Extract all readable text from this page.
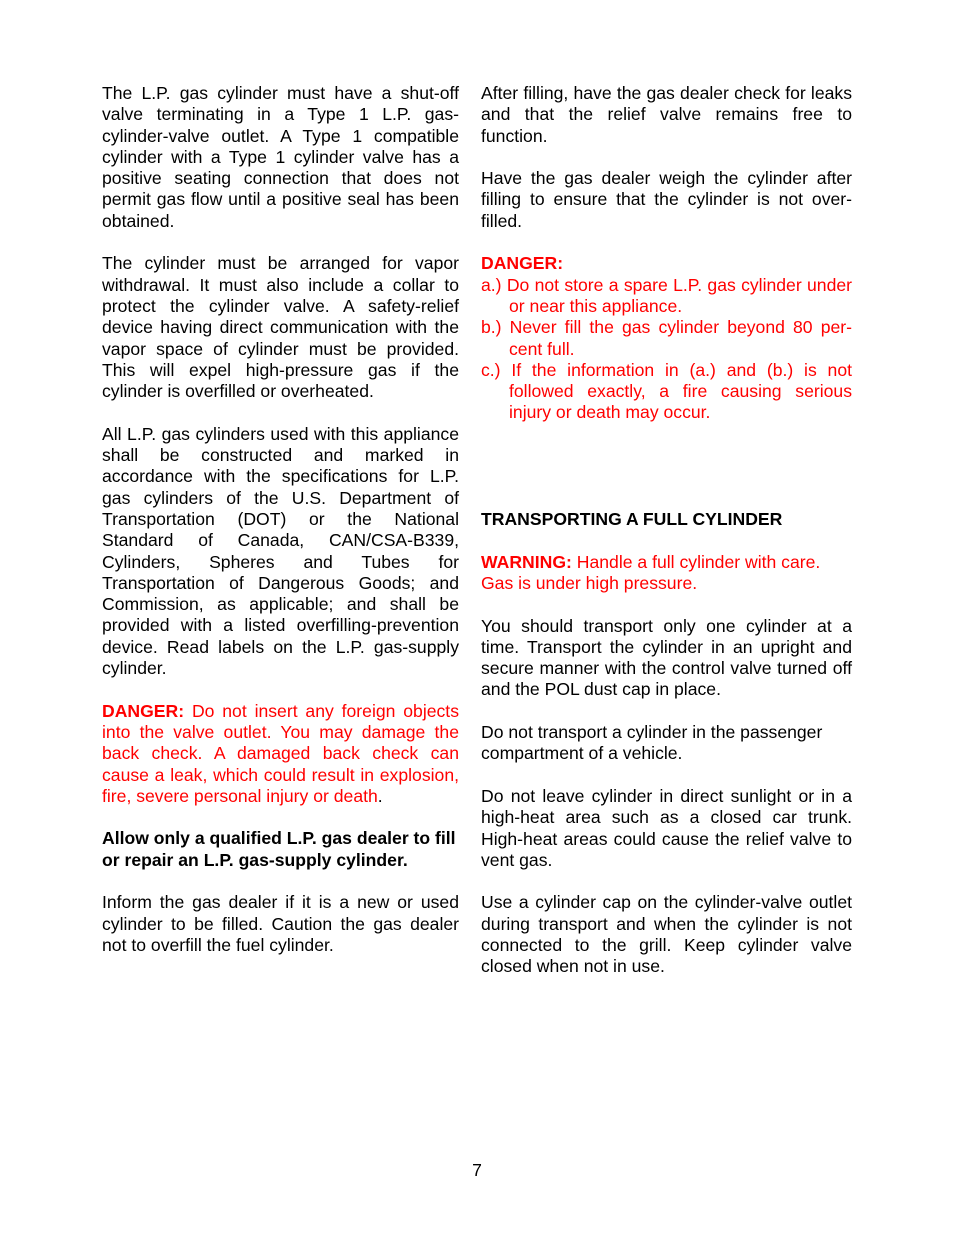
The L.P. gas cylinder must have a shut-off valve terminating in a Type 1 L.P. gas-cylinder-valve outlet. A Type 1 compatible cylinder with a Type 1 cylinder valve has a positive seating connection that does not permit gas flow until a positive seal has been obtained.

The cylinder must be arranged for vapor withdrawal. It must also include a collar to protect the cylinder valve. A safety-relief device having direct communication with the vapor space of cylinder must be provided. This will expel high-pressure gas if the cylinder is overfilled or overheated.

All L.P. gas cylinders used with this appliance shall be constructed and marked in accordance with the specifications for L.P. gas cylinders of the U.S. Department of Transportation (DOT) or the National Standard of Canada, CAN/CSA-B339, Cylinders, Spheres and Tubes for Transportation of Dangerous Goods; and Commission, as applicable; and shall be provided with a listed overfilling-prevention device. Read labels on the L.P. gas-supply cylinder.

DANGER: Do not insert any foreign objects into the valve outlet. You may damage the back check. A damaged back check can cause a leak, which could result in explosion, fire, severe personal injury or death.

Allow only a qualified L.P. gas dealer to fill or repair an L.P. gas-supply cylinder.

Inform the gas dealer if it is a new or used cylinder to be filled. Caution the gas dealer not to overfill the fuel cylinder.

After filling, have the gas dealer check for leaks and that the relief valve remains free to function.

Have the gas dealer weigh the cylinder after filling to ensure that the cylinder is not over-filled.

DANGER:
a.) Do not store a spare L.P. gas cylinder under or near this appliance.
b.) Never fill the gas cylinder beyond 80 per-cent full.
c.) If the information in (a.) and (b.) is not followed exactly, a fire causing serious injury or death may occur.
TRANSPORTING A FULL CYLINDER

WARNING: Handle a full cylinder with care. Gas is under high pressure.

You should transport only one cylinder at a time. Transport the cylinder in an upright and secure manner with the control valve turned off and the POL dust cap in place.

Do not transport a cylinder in the passenger compartment of a vehicle.

Do not leave cylinder in direct sunlight or in a high-heat area such as a closed car trunk. High-heat areas could cause the relief valve to vent gas.

Use a cylinder cap on the cylinder-valve outlet during transport and when the cylinder is not connected to the grill. Keep cylinder valve closed when not in use.

7
